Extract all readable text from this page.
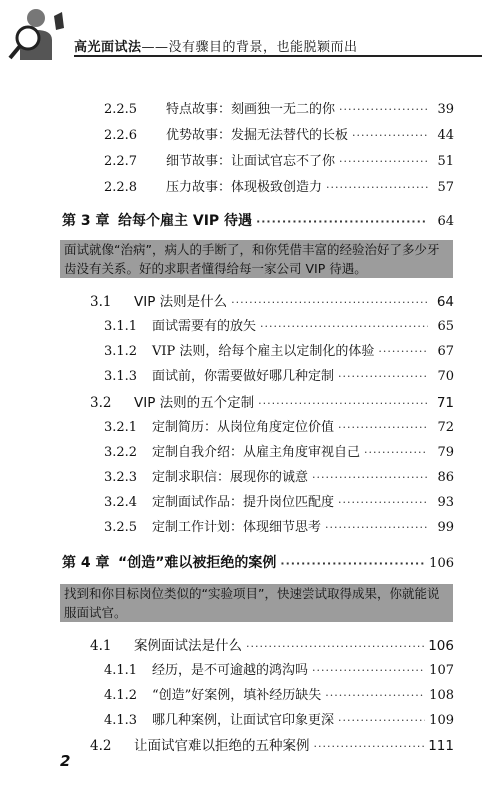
高光面试法——没有骤目的背景，也能脱颖而出
2.2.5	特点故事：刻画独一无二的你 ·····	39
2.2.6	优势故事：发掘无法替代的长板 ·····	44
2.2.7	细节故事：让面试官忘不了你 ·····	51
2.2.8	压力故事：体现极致创造力 ·····	57
第 3 章 给每个雇主 VIP 待遇 ·····	64
面试就像“治病”，病人的手断了，和你凭借丰富的经验治好了多少牙齿没有关系。好的求职者懂得给每一家公司 VIP 待遇。
3.1	VIP 法则是什么 ·····	64
3.1.1	面试需要有的放矢 ·····	65
3.1.2	VIP 法则，给每个雇主以定制化的体验 ·····	67
3.1.3	面试前，你需要做好哪几种定制 ·····	70
3.2	VIP 法则的五个定制 ·····	71
3.2.1	定制简历：从岗位角度定位价值 ·····	72
3.2.2	定制自我介绍：从雇主角度审视自己 ·····	79
3.2.3	定制求职信：展现你的诚意 ·····	86
3.2.4	定制面试作品：提升岗位匹配度 ·····	93
3.2.5	定制工作计划：体现细节思考 ·····	99
第 4 章 “创造”难以被拒绝的案例 ·····	106
找到和你目标岗位类似的“实验项目”，快速尝试取得成果，你就能说服面试官。
4.1	案例面试法是什么 ·····	106
4.1.1	经历，是不可逾越的鸿沟吗 ·····	107
4.1.2	“创造”好案例，填补经历缺失 ·····	108
4.1.3	哪几种案例，让面试官印象更深 ·····	109
4.2	让面试官难以拒绝的五种案例 ·····	111
2
